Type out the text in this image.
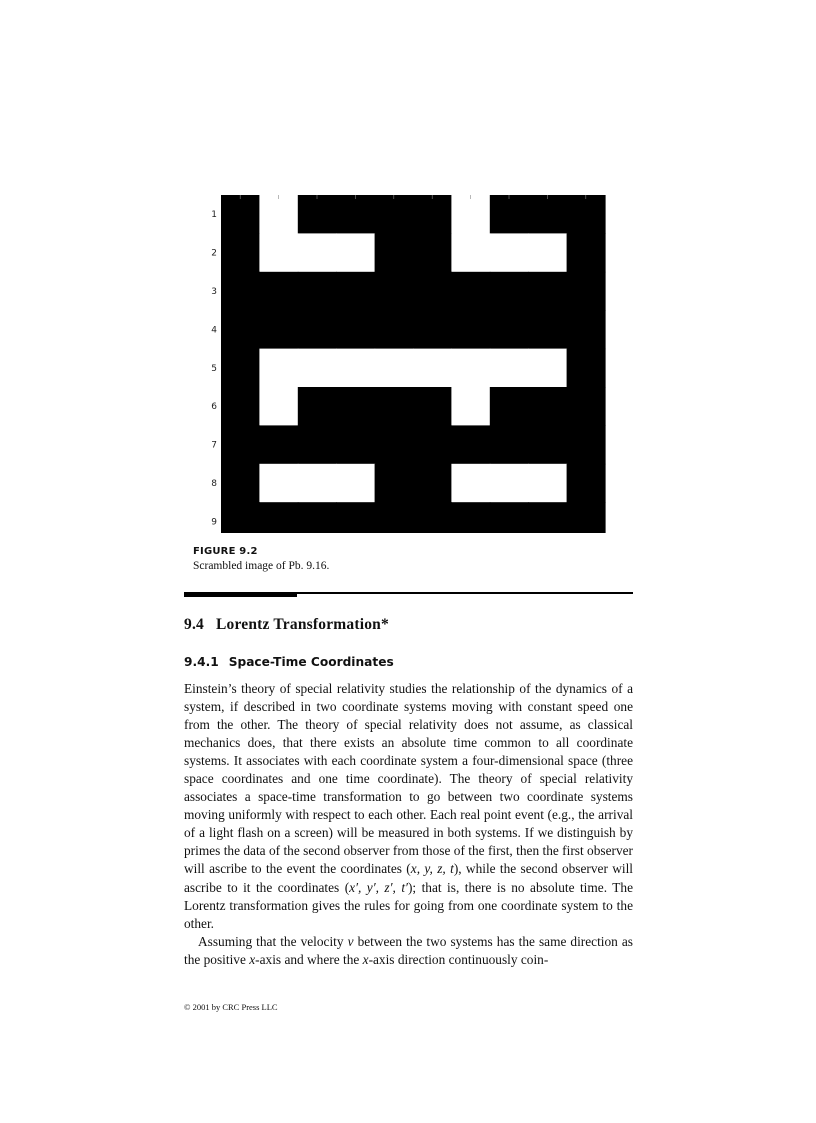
1
2
3
4
5
6
7
8
9
FIGURE 9.2
Scrambled image of Pb. 9.16.
9.4 Lorentz Transformation*
9.4.1 Space-Time Coordinates

Einstein’s theory of special relativity studies the relationship of the dynamics of a system, if described in two coordinate systems moving with constant speed one from the other. The theory of special relativity does not assume, as classical mechanics does, that there exists an absolute time common to all coordinate systems. It associates with each coordinate system a four-dimensional space (three space coordinates and one time coordinate). The theory of special relativity associates a space-time transformation to go between two coordinate systems moving uniformly with respect to each other. Each real point event (e.g., the arrival of a light flash on a screen) will be measured in both systems. If we distinguish by primes the data of the second observer from those of the first, then the first observer will ascribe to the event the coordinates (x, y, z, t), while the second observer will ascribe to it the coordinates (x′, y′, z′, t′); that is, there is no absolute time. The Lorentz transformation gives the rules for going from one coordinate system to the other.

Assuming that the velocity v between the two systems has the same direction as the positive x-axis and where the x-axis direction continuously coin-

© 2001 by CRC Press LLC
